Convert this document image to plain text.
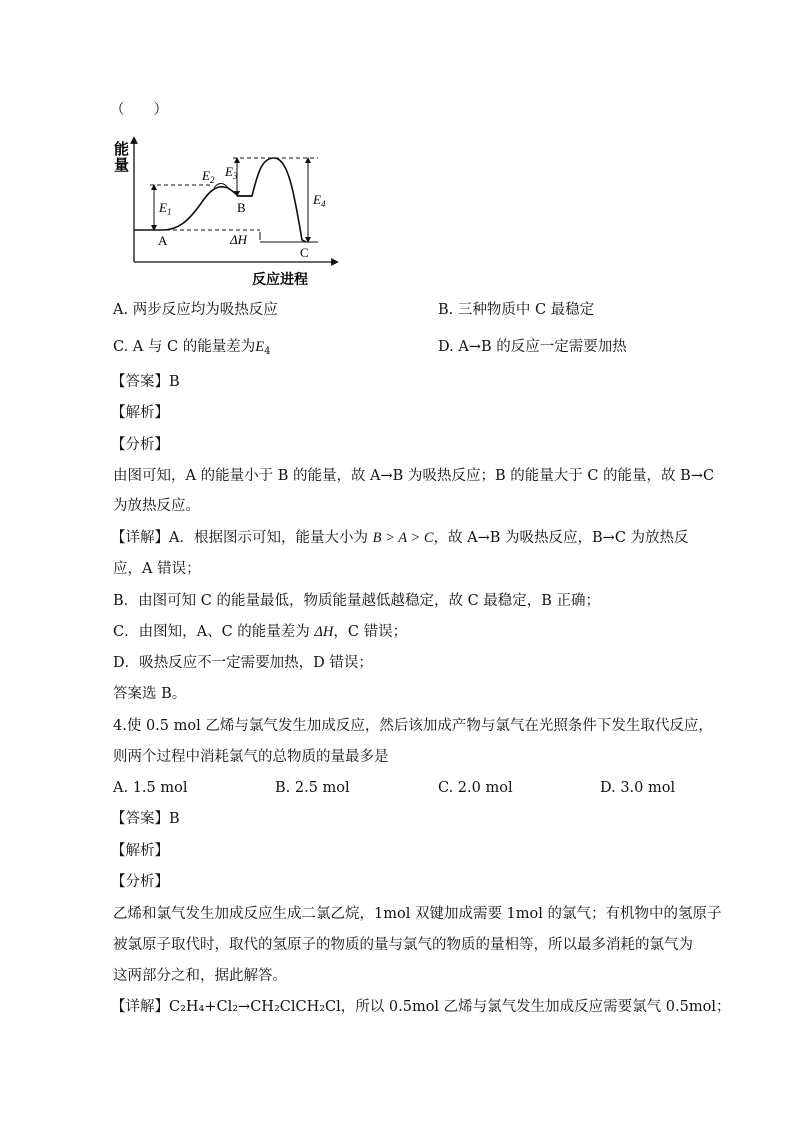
（　　）
能
量
A
B
C
$E_1$
$E_2$
$E_3$
$E_4$
ΔH
反应进程
A. 两步反应均为吸热反应	B. 三种物质中 C 最稳定
C. A 与 C 的能量差为$E_4$	D. A→B 的反应一定需要加热
【答案】B
【解析】
【分析】
由图可知，A 的能量小于 B 的能量，故 A→B 为吸热反应；B 的能量大于 C 的能量，故 B→C
为放热反应。
【详解】A．根据图示可知，能量大小为 B > A > C，故 A→B 为吸热反应，B→C 为放热反
应，A 错误；
B．由图可知 C 的能量最低，物质能量越低越稳定，故 C 最稳定，B 正确；
C．由图知，A、C 的能量差为 ΔH，C 错误；
D．吸热反应不一定需要加热，D 错误；
答案选 B。
4.使 0.5 mol 乙烯与氯气发生加成反应，然后该加成产物与氯气在光照条件下发生取代反应，
则两个过程中消耗氯气的总物质的量最多是
A. 1.5 mol	B. 2.5 mol	C. 2.0 mol	D. 3.0 mol
【答案】B
【解析】
【分析】
乙烯和氯气发生加成反应生成二氯乙烷，1mol 双键加成需要 1mol 的氯气；有机物中的氢原子
被氯原子取代时，取代的氢原子的物质的量与氯气的物质的量相等，所以最多消耗的氯气为
这两部分之和，据此解答。
【详解】C₂H₄+Cl₂→CH₂ClCH₂Cl，所以 0.5mol 乙烯与氯气发生加成反应需要氯气 0.5mol；
